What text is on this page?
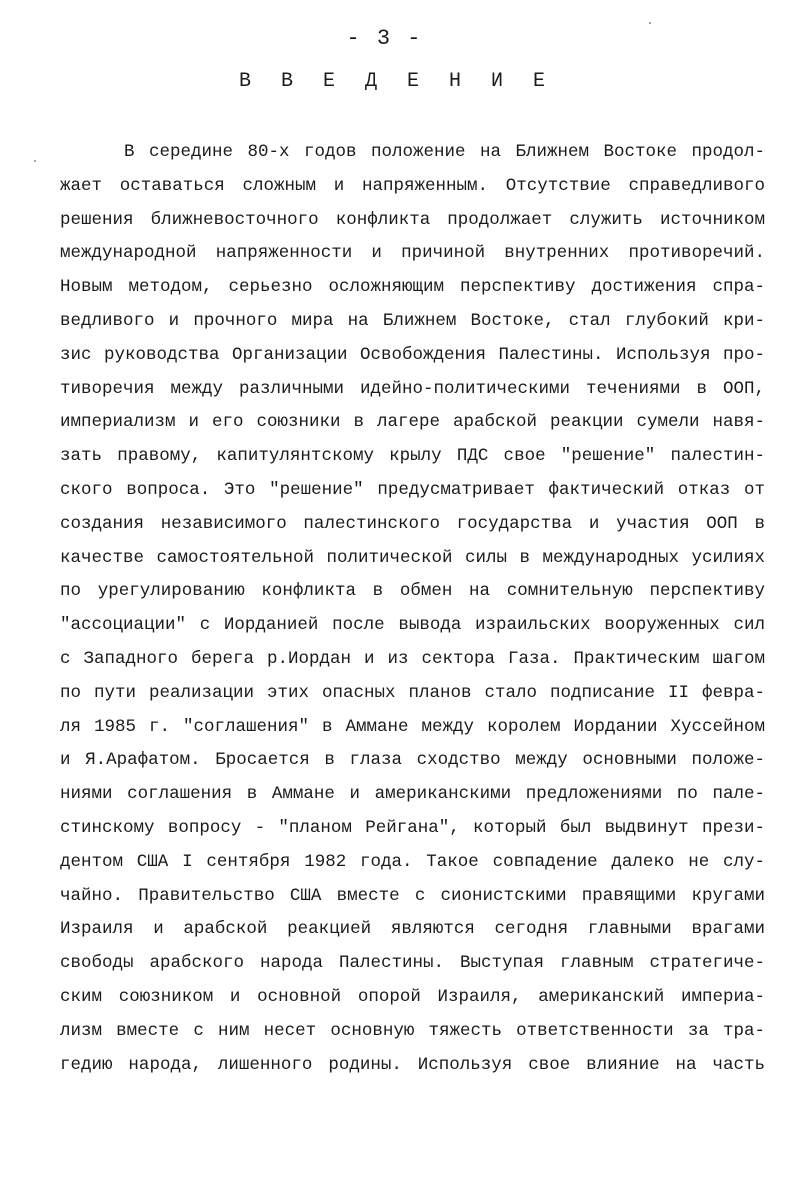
- 3 -
В В Е Д Е Н И Е
В середине 80-х годов положение на Ближнем Востоке продол-
жает оставаться сложным и напряженным. Отсутствие справедливого
решения ближневосточного конфликта продолжает служить источником
международной напряженности и причиной внутренних противоречий.
Новым методом, серьезно осложняющим перспективу достижения спра-
ведливого и прочного мира на Ближнем Востоке, стал глубокий кри-
зис руководства Организации Освобождения Палестины. Используя про-
тиворечия между различными идейно-политическими течениями в ООП,
империализм и его союзники в лагере арабской реакции сумели навя-
зать правому, капитулянтскому крылу ПДС свое "решение" палестин-
ского вопроса. Это "решение" предусматривает фактический отказ от
создания независимого палестинского государства и участия ООП в
качестве самостоятельной политической силы в международных усилиях
по урегулированию конфликта в обмен на сомнительную перспективу
"ассоциации" с Иорданией после вывода израильских вооруженных сил
с Западного берега р.Иордан и из сектора Газа. Практическим шагом
по пути реализации этих опасных планов стало подписание II февра-
ля 1985 г. "соглашения" в Аммане между королем Иордании Хуссейном
и Я.Арафатом. Бросается в глаза сходство между основными положе-
ниями соглашения в Аммане и американскими предложениями по пале-
стинскому вопросу - "планом Рейгана", который был выдвинут прези-
дентом США I сентября 1982 года. Такое совпадение далеко не слу-
чайно. Правительство США вместе с сионистскими правящими кругами
Израиля и арабской реакцией являются сегодня главными врагами
свободы арабского народа Палестины. Выступая главным стратегиче-
ским союзником и основной опорой Израиля, американский империа-
лизм вместе с ним несет основную тяжесть ответственности за тра-
гедию народа, лишенного родины. Используя свое влияние на часть
